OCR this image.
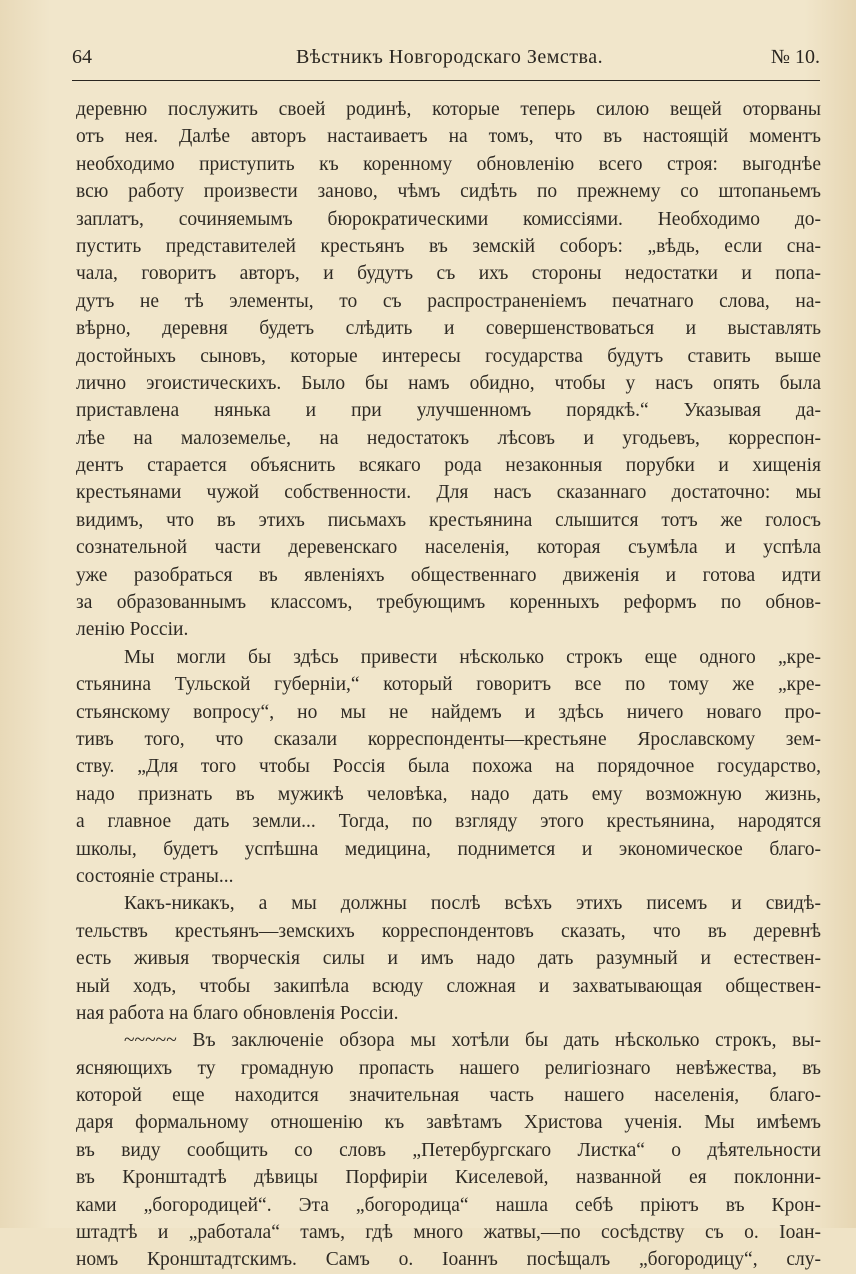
64	Вѣстникъ Новгородскаго Земства.	№ 10.
деревню послужить своей родинѣ, которые теперь силою вещей оторваны
отъ нея. Далѣе авторъ настаиваетъ на томъ, что въ настоящій моментъ
необходимо приступить къ коренному обновленію всего строя: выгоднѣе
всю работу произвести заново, чѣмъ сидѣть по прежнему со штопаньемъ
заплатъ, сочиняемымъ бюрократическими комиссіями. Необходимо до-
пустить представителей крестьянъ въ земскій соборъ: „вѣдь, если сна-
чала, говоритъ авторъ, и будутъ съ ихъ стороны недостатки и попа-
дутъ не тѣ элементы, то съ распространеніемъ печатнаго слова, на-
вѣрно, деревня будетъ слѣдить и совершенствоваться и выставлять
достойныхъ сыновъ, которые интересы государства будутъ ставить выше
лично эгоистическихъ. Было бы намъ обидно, чтобы у насъ опять была
приставлена нянька и при улучшенномъ порядкѣ.“ Указывая да-
лѣе на малоземелье, на недостатокъ лѣсовъ и угодьевъ, корреспон-
дентъ старается объяснить всякаго рода незаконныя порубки и хищенія
крестьянами чужой собственности. Для насъ сказаннаго достаточно: мы
видимъ, что въ этихъ письмахъ крестьянина слышится тотъ же голосъ
сознательной части деревенскаго населенія, которая съумѣла и успѣла
уже разобраться въ явленіяхъ общественнаго движенія и готова идти
за образованнымъ классомъ, требующимъ коренныхъ реформъ по обнов-
ленію Россіи.
Мы могли бы здѣсь привести нѣсколько строкъ еще одного „кре-
стьянина Тульской губерніи,“ который говоритъ все по тому же „кре-
стьянскому вопросу“, но мы не найдемъ и здѣсь ничего новаго про-
тивъ того, что сказали корреспонденты—крестьяне Ярославскому зем-
ству. „Для того чтобы Россія была похожа на порядочное государство,
надо признать въ мужикѣ человѣка, надо дать ему возможную жизнь,
а главное дать земли... Тогда, по взгляду этого крестьянина, народятся
школы, будетъ успѣшна медицина, поднимется и экономическое благо-
состояніе страны...
Какъ-никакъ, а мы должны послѣ всѣхъ этихъ писемъ и свидѣ-
тельствъ крестьянъ—земскихъ корреспондентовъ сказать, что въ деревнѣ
есть живыя творческія силы и имъ надо дать разумный и естествен-
ный ходъ, чтобы закипѣла всюду сложная и захватывающая обществен-
ная работа на благо обновленія Россіи.
~~~~~ Въ заключеніе обзора мы хотѣли бы дать нѣсколько строкъ, вы-
ясняющихъ ту громадную пропасть нашего религіознаго невѣжества, въ
которой еще находится значительная часть нашего населенія, благо-
даря формальному отношенію къ завѣтамъ Христова ученія. Мы имѣемъ
въ виду сообщить со словъ „Петербургскаго Листка“ о дѣятельности
въ Кронштадтѣ дѣвицы Порфиріи Киселевой, названной ея поклонни-
ками „богородицей“. Эта „богородица“ нашла себѣ пріютъ въ Крон-
штадтѣ и „работала“ тамъ, гдѣ много жатвы,—по сосѣдству съ о. Іоан-
номъ Кронштадтскимъ. Самъ о. Іоаннъ посѣщалъ „богородицу“, слу-
